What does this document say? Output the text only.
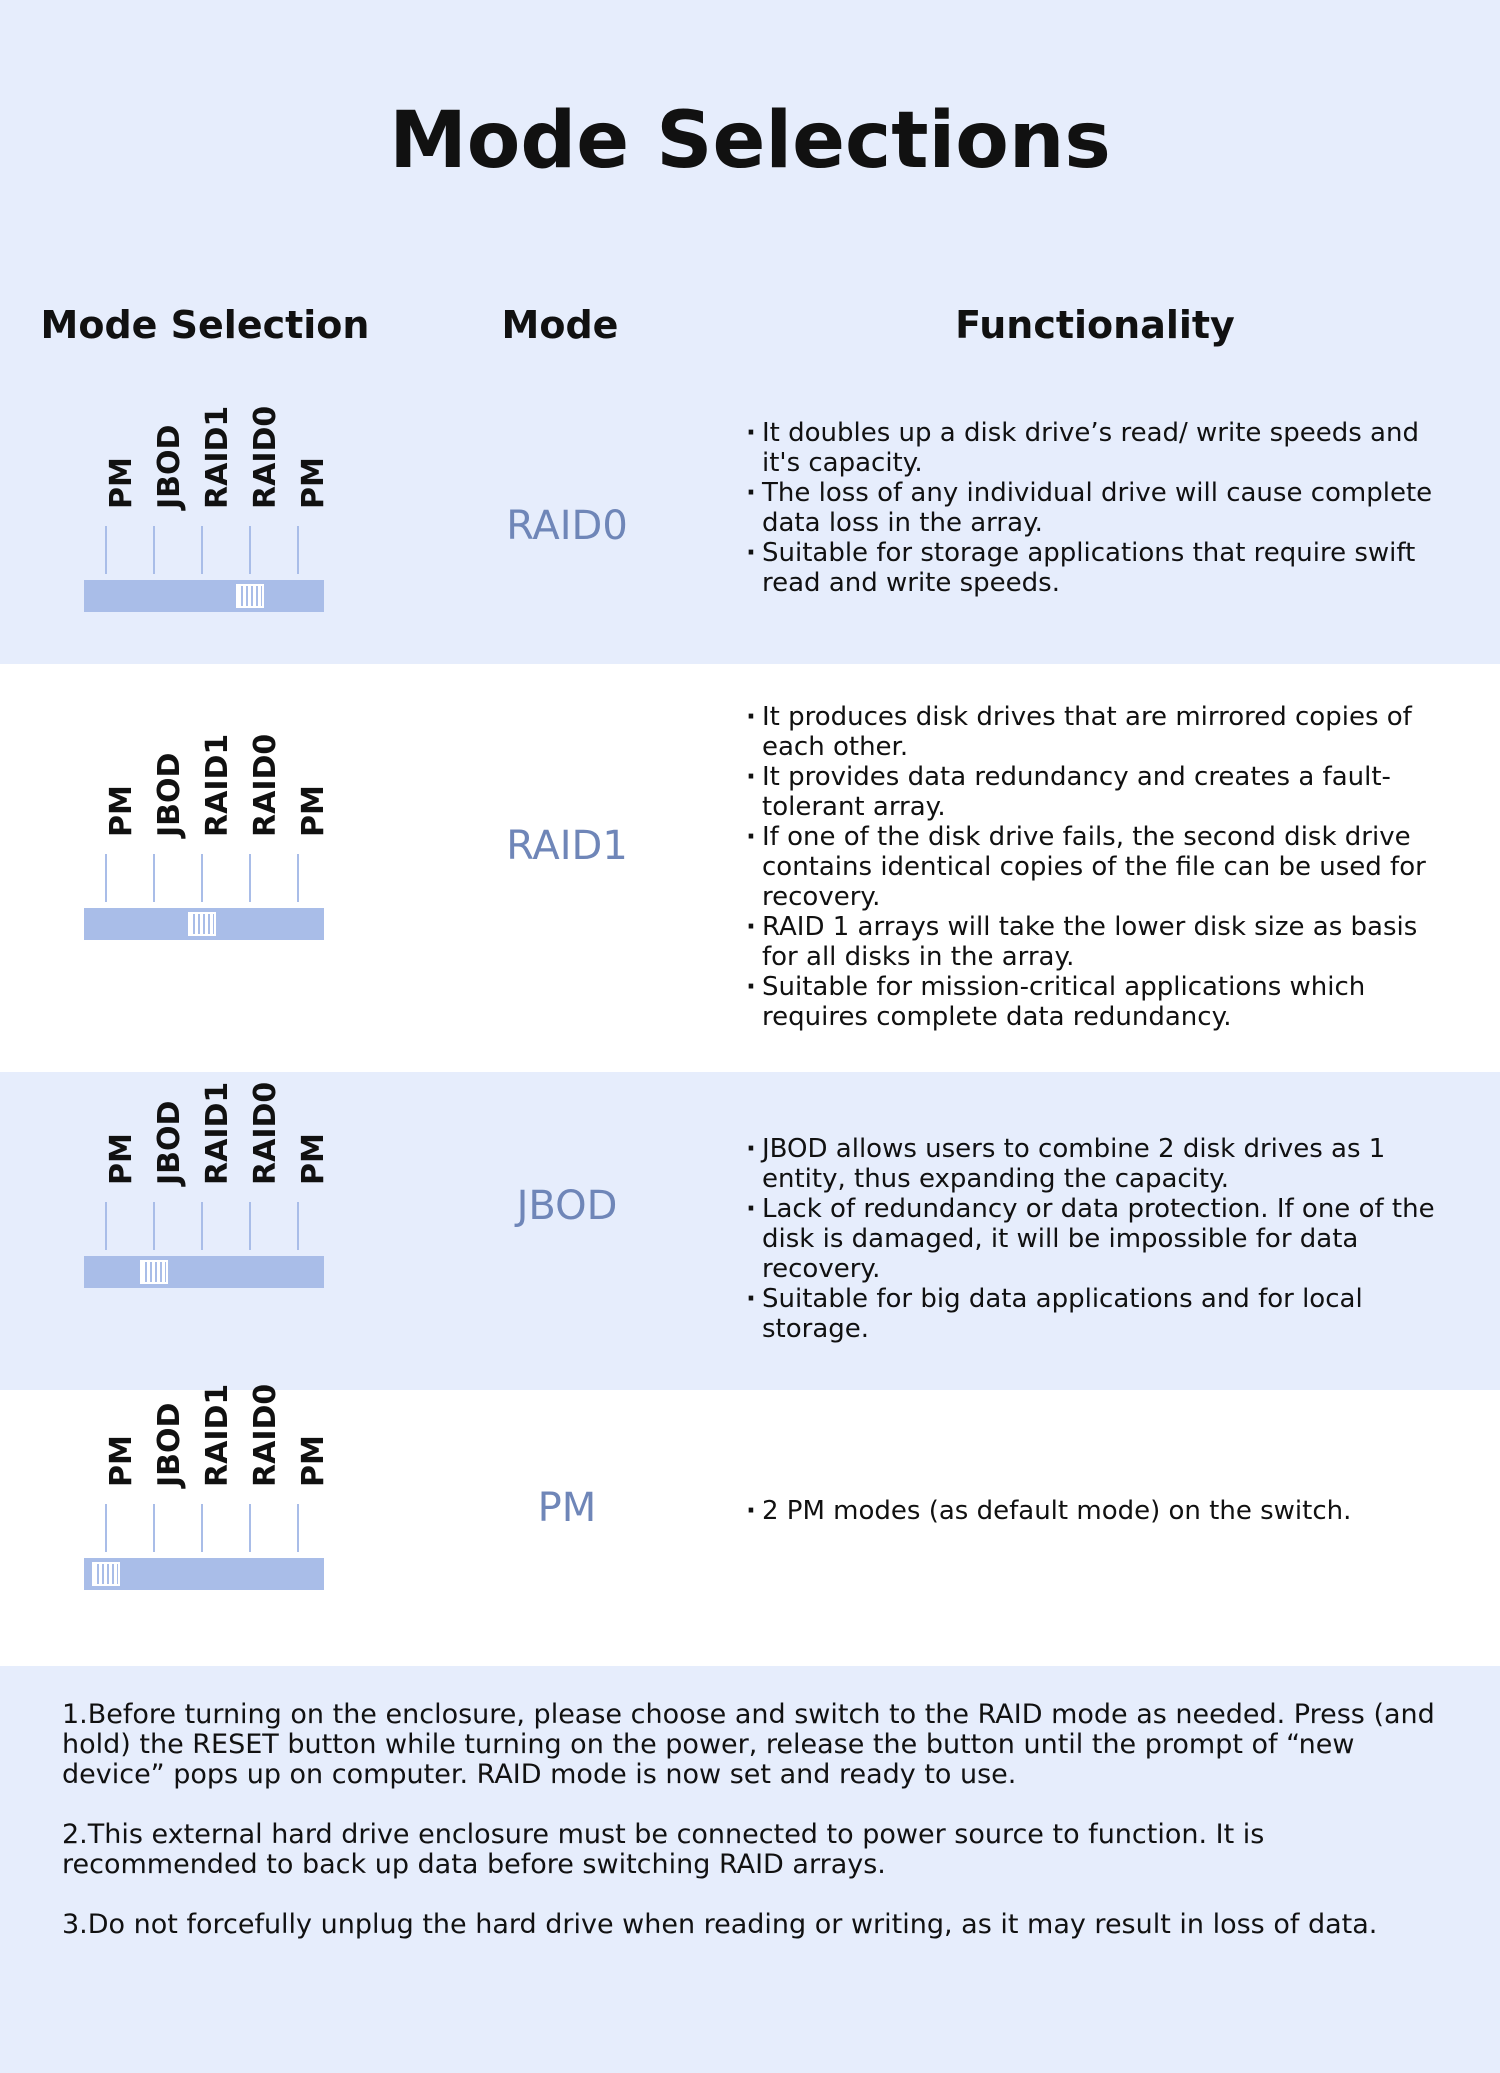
Mode Selections
Mode Selection	Mode	Functionality
PM JBOD RAID1 RAID0 PM
RAID0
· It doubles up a disk drive’s read/ write speeds and it's capacity.
· The loss of any individual drive will cause complete data loss in the array.
· Suitable for storage applications that require swift read and write speeds.
PM JBOD RAID1 RAID0 PM
RAID1
· It produces disk drives that are mirrored copies of each other.
· It provides data redundancy and creates a fault-tolerant array.
· If one of the disk drive fails, the second disk drive contains identical copies of the file can be used for recovery.
· RAID 1 arrays will take the lower disk size as basis for all disks in the array.
· Suitable for mission-critical applications which requires complete data redundancy.
PM JBOD RAID1 RAID0 PM
JBOD
· JBOD allows users to combine 2 disk drives as 1 entity, thus expanding the capacity.
· Lack of redundancy or data protection. If one of the disk is damaged, it will be impossible for data recovery.
· Suitable for big data applications and for local storage.
PM JBOD RAID1 RAID0 PM
PM
·	2 PM modes (as default mode) on the switch.

1.Before turning on the enclosure, please choose and switch to the RAID mode as needed. Press (and hold) the RESET button while turning on the power, release the button until the prompt of “new device” pops up on computer. RAID mode is now set and ready to use.

2.This external hard drive enclosure must be connected to power source to function. It is recommended to back up data before switching RAID arrays.

3.Do not forcefully unplug the hard drive when reading or writing, as it may result in loss of data.
